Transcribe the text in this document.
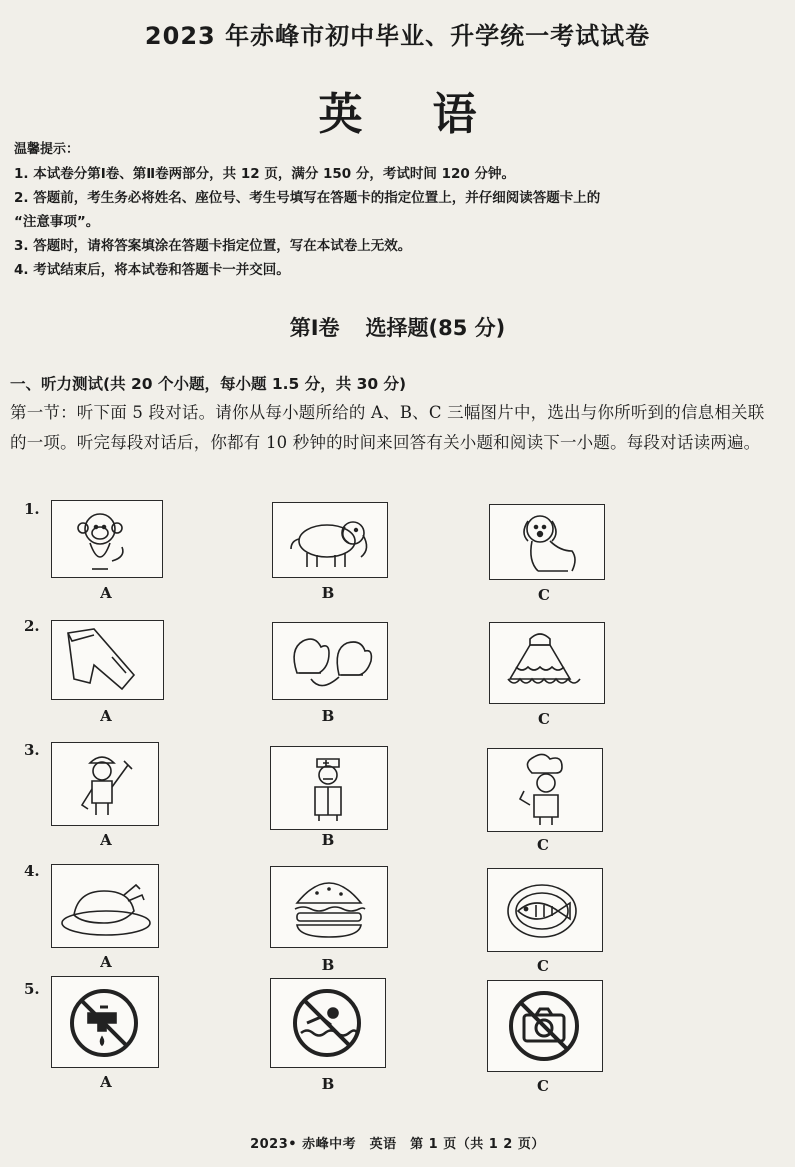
2023 年赤峰市初中毕业、升学统一考试试卷
英 语
温馨提示：
1. 本试卷分第Ⅰ卷、第Ⅱ卷两部分，共 12 页，满分 150 分，考试时间 120 分钟。
2. 答题前，考生务必将姓名、座位号、考生号填写在答题卡的指定位置上，并仔细阅读答题卡上的
“注意事项”。
3. 答题时，请将答案填涂在答题卡指定位置，写在本试卷上无效。
4. 考试结束后，将本试卷和答题卡一并交回。
第Ⅰ卷 选择题(85 分)
一、听力测试(共 20 个小题，每小题 1.5 分，共 30 分)
第一节：听下面 5 段对话。请你从每小题所给的 A、B、C 三幅图片中，选出与你所听到的信息相关联的一项。听完每段对话后，你都有 10 秒钟的时间来回答有关小题和阅读下一小题。每段对话读两遍。
1.
A	B	C
2.
A	B	C
3.
A	B	C
4.
A	B	C
5.
A	B	C
2023• 赤峰中考　英语　第 1 页（共 1 2 页）
